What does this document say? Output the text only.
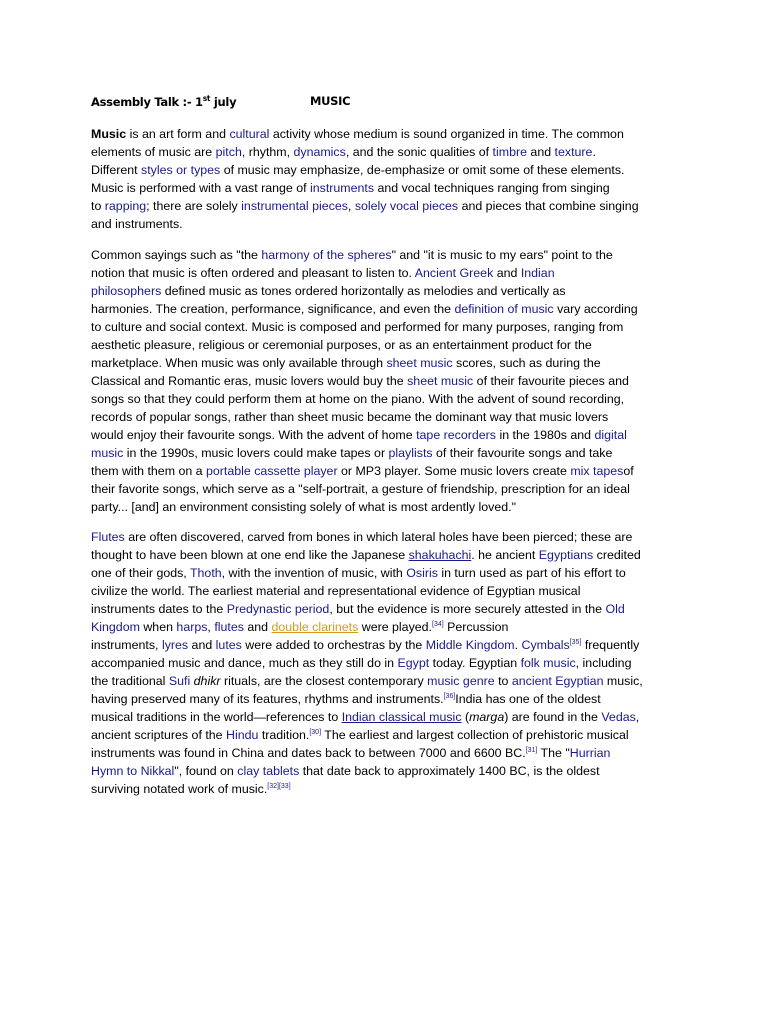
Assembly Talk :- 1st july	MUSIC
Music is an art form and cultural activity whose medium is sound organized in time. The common
elements of music are pitch, rhythm, dynamics, and the sonic qualities of timbre and texture.
Different styles or types of music may emphasize, de-emphasize or omit some of these elements.
Music is performed with a vast range of instruments and vocal techniques ranging from singing
to rapping; there are solely instrumental pieces, solely vocal pieces and pieces that combine singing
and instruments.
Common sayings such as "the harmony of the spheres" and "it is music to my ears" point to the
notion that music is often ordered and pleasant to listen to. Ancient Greek and Indian
philosophers defined music as tones ordered horizontally as melodies and vertically as
harmonies. The creation, performance, significance, and even the definition of music vary according
to culture and social context. Music is composed and performed for many purposes, ranging from
aesthetic pleasure, religious or ceremonial purposes, or as an entertainment product for the
marketplace. When music was only available through sheet music scores, such as during the
Classical and Romantic eras, music lovers would buy the sheet music of their favourite pieces and
songs so that they could perform them at home on the piano. With the advent of sound recording,
records of popular songs, rather than sheet music became the dominant way that music lovers
would enjoy their favourite songs. With the advent of home tape recorders in the 1980s and digital
music in the 1990s, music lovers could make tapes or playlists of their favourite songs and take
them with them on a portable cassette player or MP3 player. Some music lovers create mix tapesof
their favorite songs, which serve as a "self-portrait, a gesture of friendship, prescription for an ideal
party... [and] an environment consisting solely of what is most ardently loved."
Flutes are often discovered, carved from bones in which lateral holes have been pierced; these are
thought to have been blown at one end like the Japanese shakuhachi. he ancient Egyptians credited
one of their gods, Thoth, with the invention of music, with Osiris in turn used as part of his effort to
civilize the world. The earliest material and representational evidence of Egyptian musical
instruments dates to the Predynastic period, but the evidence is more securely attested in the Old
Kingdom when harps, flutes and double clarinets were played.[34] Percussion
instruments, lyres and lutes were added to orchestras by the Middle Kingdom. Cymbals[35] frequently
accompanied music and dance, much as they still do in Egypt today. Egyptian folk music, including
the traditional Sufi dhikr rituals, are the closest contemporary music genre to ancient Egyptian music,
having preserved many of its features, rhythms and instruments.[36]India has one of the oldest
musical traditions in the world—references to Indian classical music (marga) are found in the Vedas,
ancient scriptures of the Hindu tradition.[30] The earliest and largest collection of prehistoric musical
instruments was found in China and dates back to between 7000 and 6600 BC.[31] The "Hurrian
Hymn to Nikkal", found on clay tablets that date back to approximately 1400 BC, is the oldest
surviving notated work of music.[32][33]
